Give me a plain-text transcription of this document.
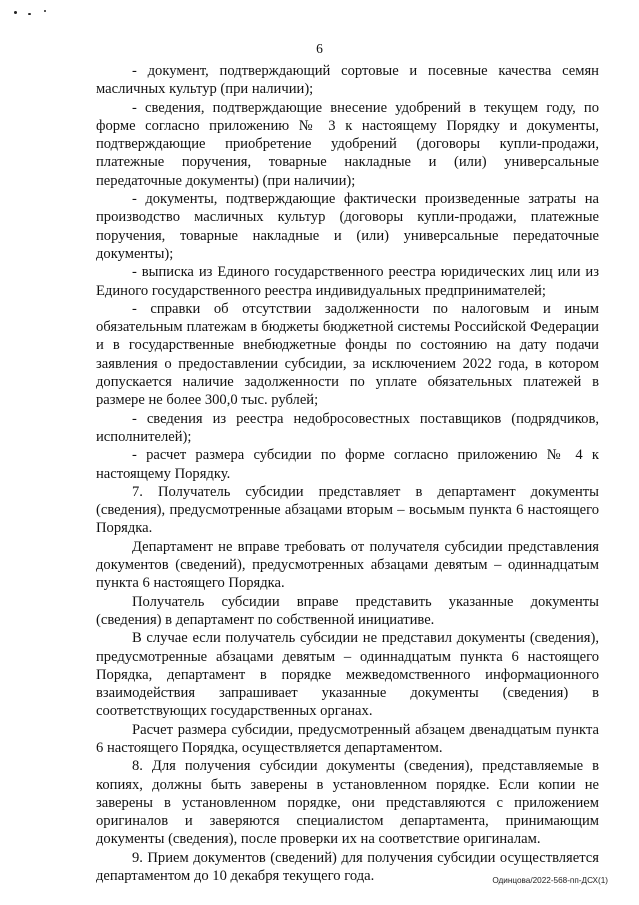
6

- документ, подтверждающий сортовые и посевные качества семян масличных культур (при наличии);

- сведения, подтверждающие внесение удобрений в текущем году, по форме согласно приложению № 3 к настоящему Порядку и документы, подтверждающие приобретение удобрений (договоры купли-продажи, платежные поручения, товарные накладные и (или) универсальные передаточные документы) (при наличии);

- документы, подтверждающие фактически произведенные затраты на производство масличных культур (договоры купли-продажи, платежные поручения, товарные накладные и (или) универсальные передаточные документы);

- выписка из Единого государственного реестра юридических лиц или из Единого государственного реестра индивидуальных предпринимателей;

- справки об отсутствии задолженности по налоговым и иным обязательным платежам в бюджеты бюджетной системы Российской Федерации и в государственные внебюджетные фонды по состоянию на дату подачи заявления о предоставлении субсидии, за исключением 2022 года, в котором допускается наличие задолженности по уплате обязательных платежей в размере не более 300,0 тыс. рублей;

- сведения из реестра недобросовестных поставщиков (подрядчиков, исполнителей);

- расчет размера субсидии по форме согласно приложению № 4 к настоящему Порядку.

7. Получатель субсидии представляет в департамент документы (сведения), предусмотренные абзацами вторым – восьмым пункта 6 настоящего Порядка.

Департамент не вправе требовать от получателя субсидии представления документов (сведений), предусмотренных абзацами девятым – одиннадцатым пункта 6 настоящего Порядка.

Получатель субсидии вправе представить указанные документы (сведения) в департамент по собственной инициативе.

В случае если получатель субсидии не представил документы (сведения), предусмотренные абзацами девятым – одиннадцатым пункта 6 настоящего Порядка, департамент в порядке межведомственного информационного взаимодействия запрашивает указанные документы (сведения) в соответствующих государственных органах.

Расчет размера субсидии, предусмотренный абзацем двенадцатым пункта 6 настоящего Порядка, осуществляется департаментом.

8. Для получения субсидии документы (сведения), представляемые в копиях, должны быть заверены в установленном порядке. Если копии не заверены в установленном порядке, они представляются с приложением оригиналов и заверяются специалистом департамента, принимающим документы (сведения), после проверки их на соответствие оригиналам.

9. Прием документов (сведений) для получения субсидии осуществляется департаментом до 10 декабря текущего года.	Одинцова/2022-568-пп-ДСХ(1)
